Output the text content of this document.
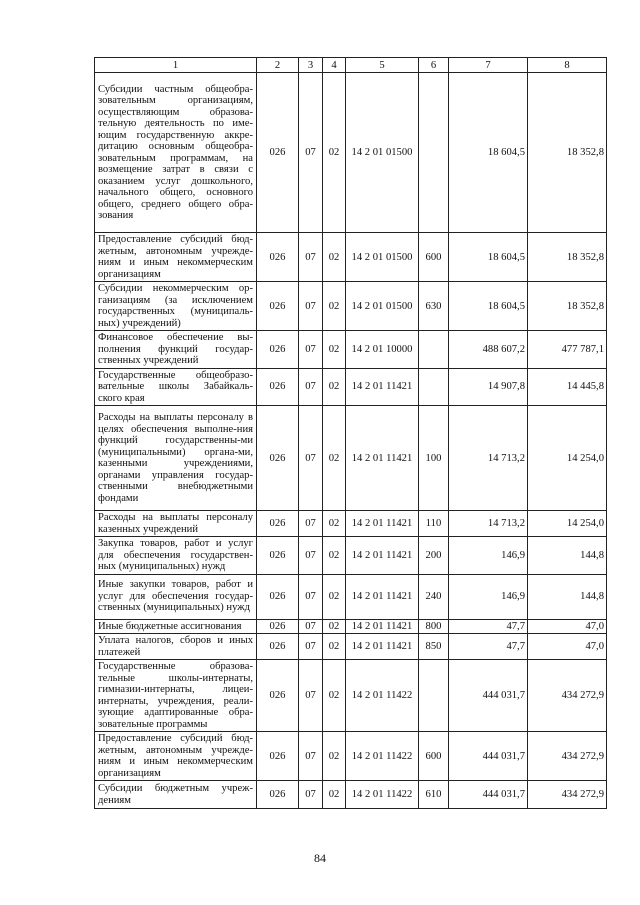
1	2	3	4	5	6	7	8
Субсидии частным общеобра-зовательным организациям, осуществляющим образова-тельную деятельность по име-ющим государственную аккре-дитацию основным общеобра-зовательным программам, на возмещение затрат в связи с оказанием услуг дошкольного, начального общего, основного общего, среднего общего обра-зования	026	07	02	14 2 01 01500		18 604,5	18 352,8
Предоставление субсидий бюд-жетным, автономным учрежде-ниям и иным некоммерческим организациям	026	07	02	14 2 01 01500	600	18 604,5	18 352,8
Субсидии некоммерческим ор-ганизациям (за исключением государственных (муниципаль-ных) учреждений)	026	07	02	14 2 01 01500	630	18 604,5	18 352,8
Финансовое обеспечение вы-полнения функций государ-ственных учреждений	026	07	02	14 2 01 10000		488 607,2	477 787,1
Государственные общеобразо-вательные школы Забайкаль-ского края	026	07	02	14 2 01 11421		14 907,8	14 445,8
Расходы на выплаты персоналу в целях обеспечения выполне-ния функций государственны-ми (муниципальными) органа-ми, казенными учреждениями, органами управления государ-ственными внебюджетными фондами	026	07	02	14 2 01 11421	100	14 713,2	14 254,0
Расходы на выплаты персоналу казенных учреждений	026	07	02	14 2 01 11421	110	14 713,2	14 254,0
Закупка товаров, работ и услуг для обеспечения государствен-ных (муниципальных) нужд	026	07	02	14 2 01 11421	200	146,9	144,8
Иные закупки товаров, работ и услуг для обеспечения государ-ственных (муниципальных) нужд	026	07	02	14 2 01 11421	240	146,9	144,8
Иные бюджетные ассигнования	026	07	02	14 2 01 11421	800	47,7	47,0
Уплата налогов, сборов и иных платежей	026	07	02	14 2 01 11421	850	47,7	47,0
Государственные образова-тельные школы-интернаты, гимназии-интернаты, лицеи-интернаты, учреждения, реали-зующие адаптированные обра-зовательные программы	026	07	02	14 2 01 11422		444 031,7	434 272,9
Предоставление субсидий бюд-жетным, автономным учрежде-ниям и иным некоммерческим организациям	026	07	02	14 2 01 11422	600	444 031,7	434 272,9
Субсидии бюджетным учреж-дениям	026	07	02	14 2 01 11422	610	444 031,7	434 272,9
84
